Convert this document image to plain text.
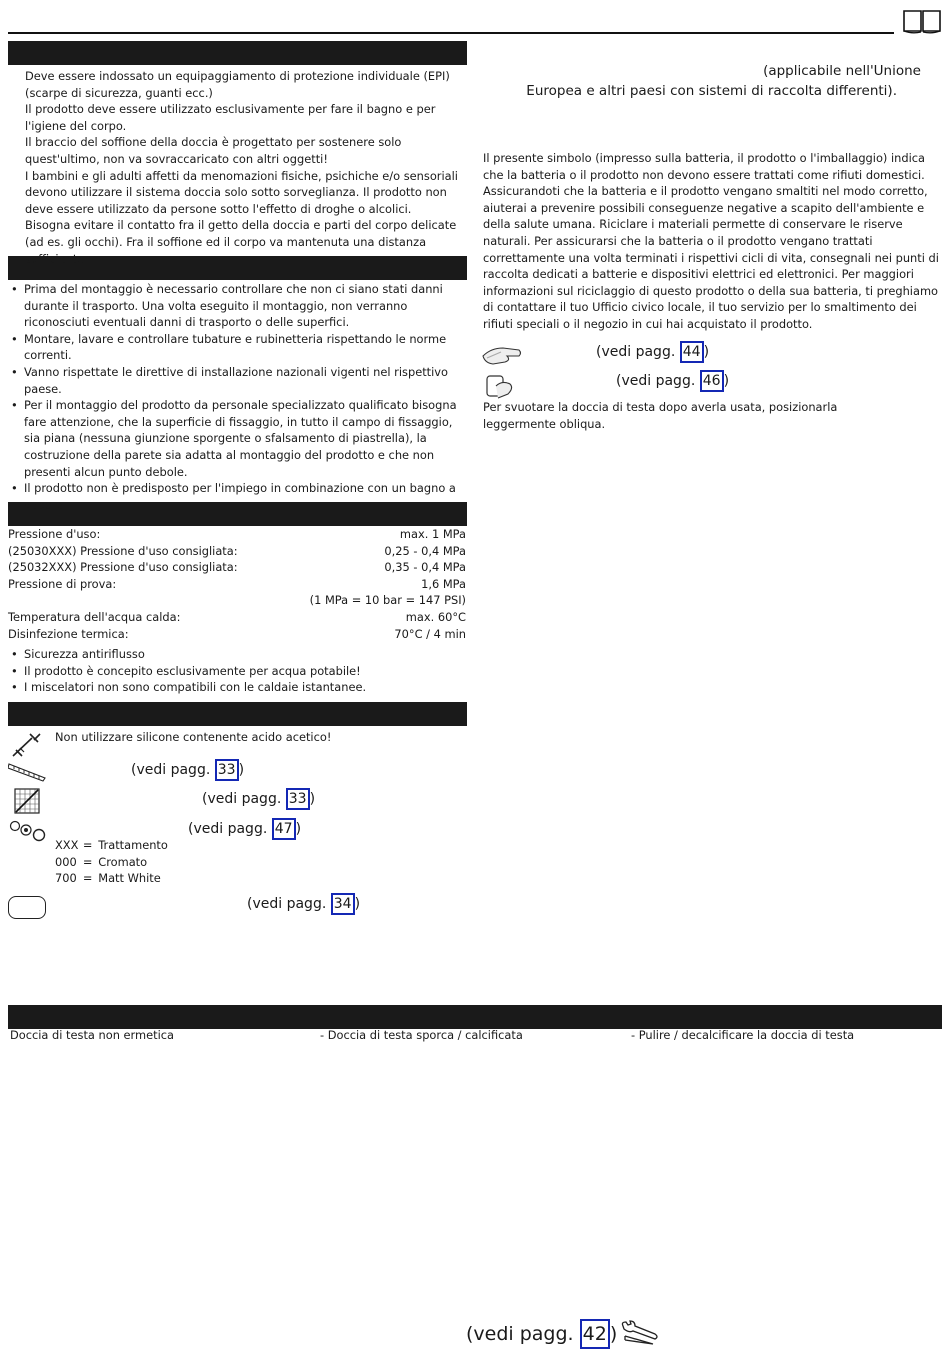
Deve essere indossato un equipaggiamento di protezione individuale (EPI) (scarpe di sicurezza, guanti ecc.)

Il prodotto deve essere utilizzato esclusivamente per fare il bagno e per l'igiene del corpo.

Il braccio del soffione della doccia è progettato per sostenere solo quest'ultimo, non va sovraccaricato con altri oggetti!

I bambini e gli adulti affetti da menomazioni fisiche, psichiche e/o sensoriali devono utilizzare il sistema doccia solo sotto sorveglianza. Il prodotto non deve essere utilizzato da persone sotto l'effetto di droghe o alcolici.

Bisogna evitare il contatto fra il getto della doccia e parti del corpo delicate (ad es. gli occhi). Fra il soffione ed il corpo va mantenuta una distanza sufficiente.

• Prima del montaggio è necessario controllare che non ci siano stati danni durante il trasporto. Una volta eseguito il montaggio, non verranno riconosciuti eventuali danni di trasporto o delle superfici.
• Montare, lavare e controllare tubature e rubinetteria rispettando le norme correnti.
• Vanno rispettate le direttive di installazione nazionali vigenti nel rispettivo paese.
• Per il montaggio del prodotto da personale specializzato qualificato bisogna fare attenzione, che la superficie di fissaggio, in tutto il campo di fissaggio, sia piana (nessuna giunzione sporgente o sfalsamento di piastrella), la costruzione della parete sia adatta al montaggio del prodotto e che non presenti alcun punto debole.
• Il prodotto non è predisposto per l'impiego in combinazione con un bagno a vapore.
Pressione d'uso:	max. 1 MPa
(25030XXX) Pressione d'uso consigliata:	0,25 - 0,4 MPa
(25032XXX) Pressione d'uso consigliata:	0,35 - 0,4 MPa
Pressione di prova:	1,6 MPa
(1 MPa = 10 bar = 147 PSI)
Temperatura dell'acqua calda:	max. 60°C
Disinfezione termica:	70°C / 4 min
• Sicurezza antiriflusso
• Il prodotto è concepito esclusivamente per acqua potabile!
• I miscelatori non sono compatibili con le caldaie istantanee.
Non utilizzare silicone contenente acido acetico!
(vedi pagg. 33 )
(vedi pagg. 33 )
(vedi pagg. 47 )
XXX = Trattamento
000 = Cromato
700 = Matt White
(vedi pagg. 34 )
(applicabile nell'Unione
Europea e altri paesi con sistemi di raccolta differenti).

Il presente simbolo (impresso sulla batteria, il prodotto o l'imballaggio) indica che la batteria o il prodotto non devono essere trattati come rifiuti domestici. Assicurandoti che la batteria e il prodotto vengano smaltiti nel modo corretto, aiuterai a prevenire possibili conseguenze negative a scapito dell'ambiente e della salute umana. Riciclare i materiali permette di conservare le riserve naturali. Per assicurarsi che la batteria o il prodotto vengano trattati correttamente una volta terminati i rispettivi cicli di vita, consegnali nei punti di raccolta dedicati a batterie e dispositivi elettrici ed elettronici. Per maggiori informazioni sul riciclaggio di questo prodotto o della sua batteria, ti preghiamo di contattare il tuo Ufficio civico locale, il tuo servizio per lo smaltimento dei rifiuti speciali o il negozio in cui hai acquistato il prodotto.

(vedi pagg. 44 )
(vedi pagg. 46 )

Per svuotare la doccia di testa dopo averla usata, posizionarla leggermente obliqua.

Doccia di testa non ermetica	- Doccia di testa sporca / calcificata	- Pulire / decalcificare la doccia di testa
(vedi pagg. 42 )
